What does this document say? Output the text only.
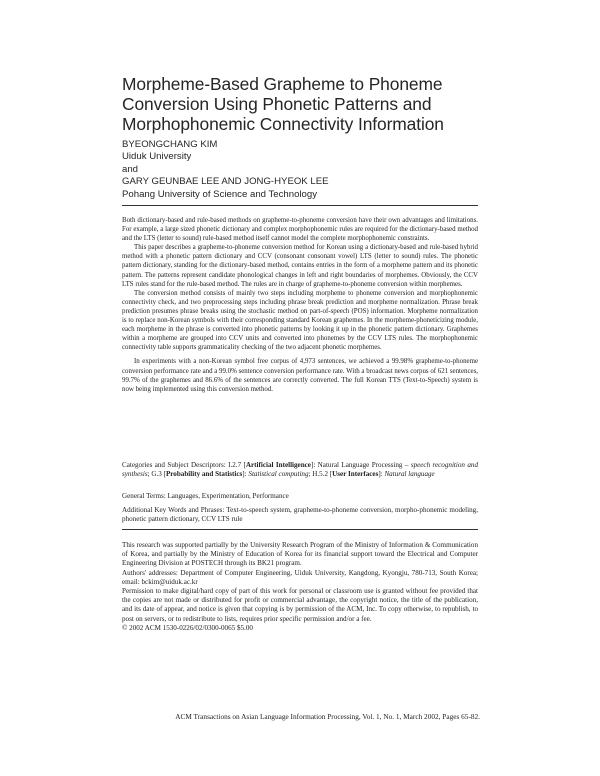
Morpheme-Based Grapheme to Phoneme
Conversion Using Phonetic Patterns and
Morphophonemic Connectivity Information
BYEONGCHANG KIM
Uiduk University
and
GARY GEUNBAE LEE AND JONG-HYEOK LEE
Pohang University of Science and Technology

Both dictionary-based and rule-based methods on grapheme-to-phoneme conversion have their own advantages and limitations. For example, a large sized phonetic dictionary and complex morphophonemic rules are required for the dictionary-based method and the LTS (letter to sound) rule-based method itself cannot model the complete morphophonemic constraints.

This paper describes a grapheme-to-phoneme conversion method for Korean using a dictionary-based and rule-based hybrid method with a phonetic pattern dictionary and CCV (consonant consonant vowel) LTS (letter to sound) rules. The phonetic pattern dictionary, standing for the dictionary-based method, contains entries in the form of a morpheme pattern and its phonetic pattern. The patterns represent candidate phonological changes in left and right boundaries of morphemes. Obviously, the CCV LTS rules stand for the rule-based method. The rules are in charge of grapheme-to-phoneme conversion within morphemes.

The conversion method consists of mainly two steps including morpheme to phoneme conversion and morphophonemic connectivity check, and two preprocessing steps including phrase break prediction and morpheme normalization. Phrase break prediction presumes phrase breaks using the stochastic method on part-of-speech (POS) information. Morpheme normalization is to replace non-Korean symbols with their corresponding standard Korean graphemes. In the morpheme-phoneticizing module, each morpheme in the phrase is converted into phonetic patterns by looking it up in the phonetic pattern dictionary. Graphemes within a morpheme are grouped into CCV units and converted into phonemes by the CCV LTS rules. The morphophonemic connectivity table supports grammaticality checking of the two adjacent phonetic morphemes.

In experiments with a non-Korean symbol free corpus of 4,973 sentences, we achieved a 99.98% grapheme-to-phoneme conversion performance rate and a 99.0% sentence conversion performance rate. With a broadcast news corpus of 621 sentences, 99.7% of the graphemes and 86.6% of the sentences are correctly converted. The full Korean TTS (Text-to-Speech) system is now being implemented using this conversion method.

Categories and Subject Descriptors: I.2.7 [Artificial Intelligence]: Natural Language Processing – speech recognition and synthesis; G.3 [Probability and Statistics]: Statistical computing; H.5.2 [User Interfaces]: Natural language
General Terms: Languages, Experimentation, Performance
Additional Key Words and Phrases: Text-to-speech system, grapheme-to-phoneme conversion, morpho-phonemic modeling, phonetic pattern dictionary, CCV LTS rule

This research was supported partially by the University Research Program of the Ministry of Information & Communication of Korea, and partially by the Ministry of Education of Korea for its financial support toward the Electrical and Computer Engineering Division at POSTECH through its BK21 program.

Authors' addresses: Department of Computer Engineering, Uiduk University, Kangdong, Kyongju, 780-713, South Korea; email: bckim@uiduk.ac.kr

Permission to make digital/hard copy of part of this work for personal or classroom use is granted without fee provided that the copies are not made or distributed for profit or commercial advantage, the copyright notice, the title of the publication, and its date of appear, and notice is given that copying is by permission of the ACM, Inc. To copy otherwise, to republish, to post on servers, or to redistribute to lists, requires prior specific permission and/or a fee.

© 2002 ACM 1530-0226/02/0300-0065 $5.00

ACM Transactions on Asian Language Information Processing, Vol. 1, No. 1, March 2002, Pages 65-82.
